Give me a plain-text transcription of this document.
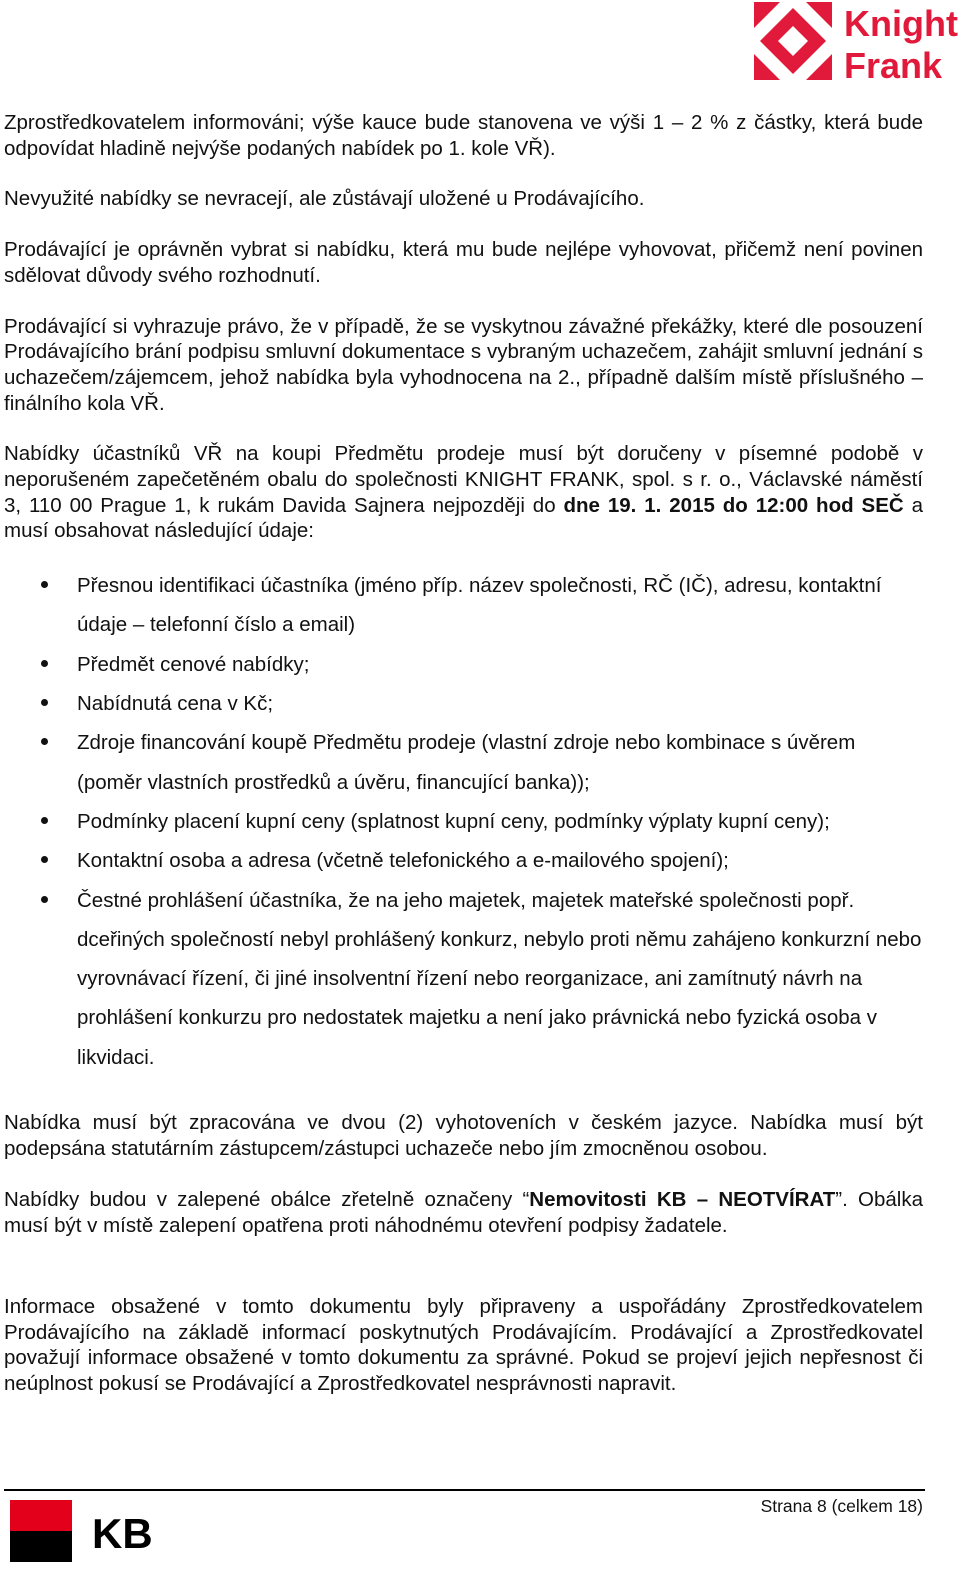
Knight
Frank

Zprostředkovatelem informováni; výše kauce bude stanovena ve výši 1 – 2 % z částky, která bude odpovídat hladině nejvýše podaných nabídek po 1. kole VŘ).

Nevyužité nabídky se nevracejí, ale zůstávají uložené u Prodávajícího.

Prodávající je oprávněn vybrat si nabídku, která mu bude nejlépe vyhovovat, přičemž není povinen sdělovat důvody svého rozhodnutí.

Prodávající si vyhrazuje právo, že v případě, že se vyskytnou závažné překážky, které dle posouzení Prodávajícího brání podpisu smluvní dokumentace s vybraným uchazečem, zahájit smluvní jednání s uchazečem/zájemcem, jehož nabídka byla vyhodnocena na 2., případně dalším místě příslušného – finálního kola VŘ.

Nabídky účastníků VŘ na koupi Předmětu prodeje musí být doručeny v písemné podobě v neporušeném zapečetěném obalu do společnosti KNIGHT FRANK, spol. s r. o., Václavské náměstí 3, 110 00 Prague 1, k rukám Davida Sajnera nejpozději do dne 19. 1. 2015 do 12:00 hod SEČ a musí obsahovat následující údaje:

Přesnou identifikaci účastníka (jméno příp. název společnosti, RČ (IČ), adresu, kontaktní údaje – telefonní číslo a email)
Předmět cenové nabídky;
Nabídnutá cena v Kč;
Zdroje financování koupě Předmětu prodeje (vlastní zdroje nebo kombinace s úvěrem (poměr vlastních prostředků a úvěru, financující banka));
Podmínky placení kupní ceny (splatnost kupní ceny, podmínky výplaty kupní ceny);
Kontaktní osoba a adresa (včetně telefonického a e-mailového spojení);
Čestné prohlášení účastníka, že na jeho majetek, majetek mateřské společnosti popř. dceřiných společností nebyl prohlášený konkurz, nebylo proti němu zahájeno konkurzní nebo vyrovnávací řízení, či jiné insolventní řízení nebo reorganizace, ani zamítnutý návrh na prohlášení konkurzu pro nedostatek majetku a není jako právnická nebo fyzická osoba v likvidaci.

Nabídka musí být zpracována ve dvou (2) vyhotoveních v českém jazyce. Nabídka musí být podepsána statutárním zástupcem/zástupci uchazeče nebo jím zmocněnou osobou.

Nabídky budou v zalepené obálce zřetelně označeny “Nemovitosti KB – NEOTVÍRAT”. Obálka musí být v místě zalepení opatřena proti náhodnému otevření podpisy žadatele.

Informace obsažené v tomto dokumentu byly připraveny a uspořádány Zprostředkovatelem Prodávajícího na základě informací poskytnutých Prodávajícím. Prodávající a Zprostředkovatel považují informace obsažené v tomto dokumentu za správné. Pokud se projeví jejich nepřesnost či neúplnost pokusí se Prodávající a Zprostředkovatel nesprávnosti napravit.

Strana 8 (celkem 18)
KB
